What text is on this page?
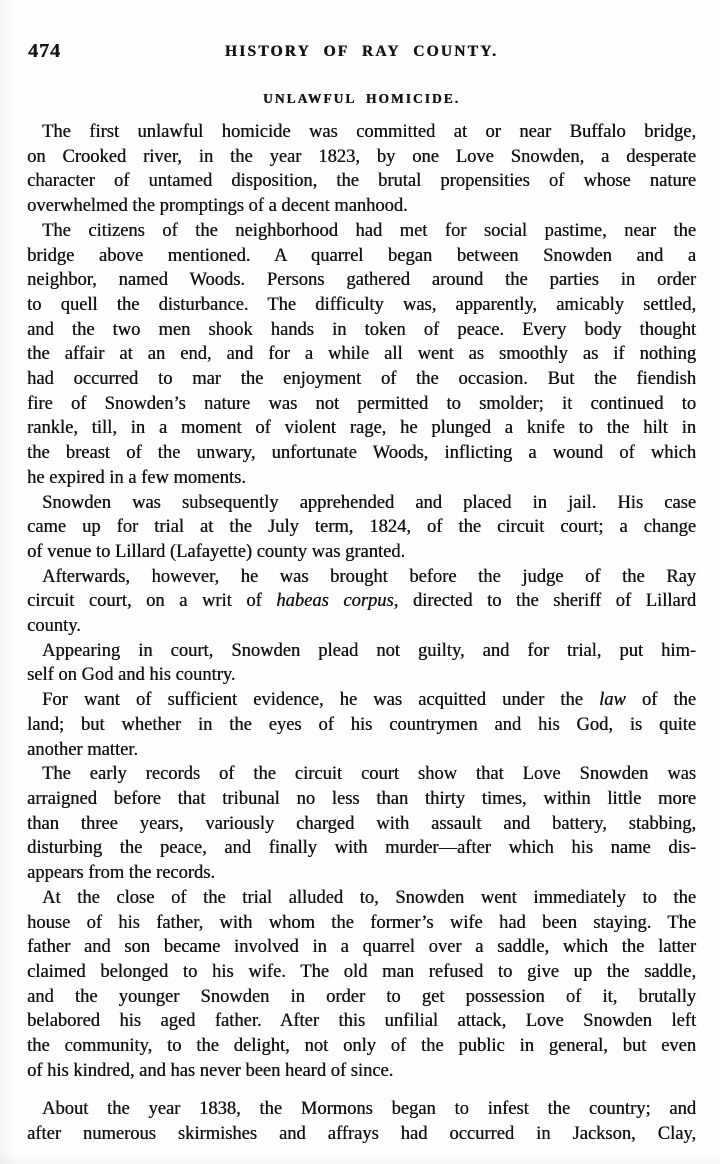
474	HISTORY OF RAY COUNTY.
UNLAWFUL HOMICIDE.
The first unlawful homicide was committed at or near Buffalo bridge,
on Crooked river, in the year 1823, by one Love Snowden, a desperate
character of untamed disposition, the brutal propensities of whose nature
overwhelmed the promptings of a decent manhood.
The citizens of the neighborhood had met for social pastime, near the
bridge above mentioned. A quarrel began between Snowden and a
neighbor, named Woods. Persons gathered around the parties in order
to quell the disturbance. The difficulty was, apparently, amicably settled,
and the two men shook hands in token of peace. Every body thought
the affair at an end, and for a while all went as smoothly as if nothing
had occurred to mar the enjoyment of the occasion. But the fiendish
fire of Snowden’s nature was not permitted to smolder; it continued to
rankle, till, in a moment of violent rage, he plunged a knife to the hilt in
the breast of the unwary, unfortunate Woods, inflicting a wound of which
he expired in a few moments.
Snowden was subsequently apprehended and placed in jail. His case
came up for trial at the July term, 1824, of the circuit court; a change
of venue to Lillard (Lafayette) county was granted.
Afterwards, however, he was brought before the judge of the Ray
circuit court, on a writ of habeas corpus, directed to the sheriff of Lillard
county.
Appearing in court, Snowden plead not guilty, and for trial, put him-
self on God and his country.
For want of sufficient evidence, he was acquitted under the law of the
land; but whether in the eyes of his countrymen and his God, is quite
another matter.
The early records of the circuit court show that Love Snowden was
arraigned before that tribunal no less than thirty times, within little more
than three years, variously charged with assault and battery, stabbing,
disturbing the peace, and finally with murder—after which his name dis-
appears from the records.
At the close of the trial alluded to, Snowden went immediately to the
house of his father, with whom the former’s wife had been staying. The
father and son became involved in a quarrel over a saddle, which the latter
claimed belonged to his wife. The old man refused to give up the saddle,
and the younger Snowden in order to get possession of it, brutally
belabored his aged father. After this unfilial attack, Love Snowden left
the community, to the delight, not only of the public in general, but even
of his kindred, and has never been heard of since.
About the year 1838, the Mormons began to infest the country; and
after numerous skirmishes and affrays had occurred in Jackson, Clay,
